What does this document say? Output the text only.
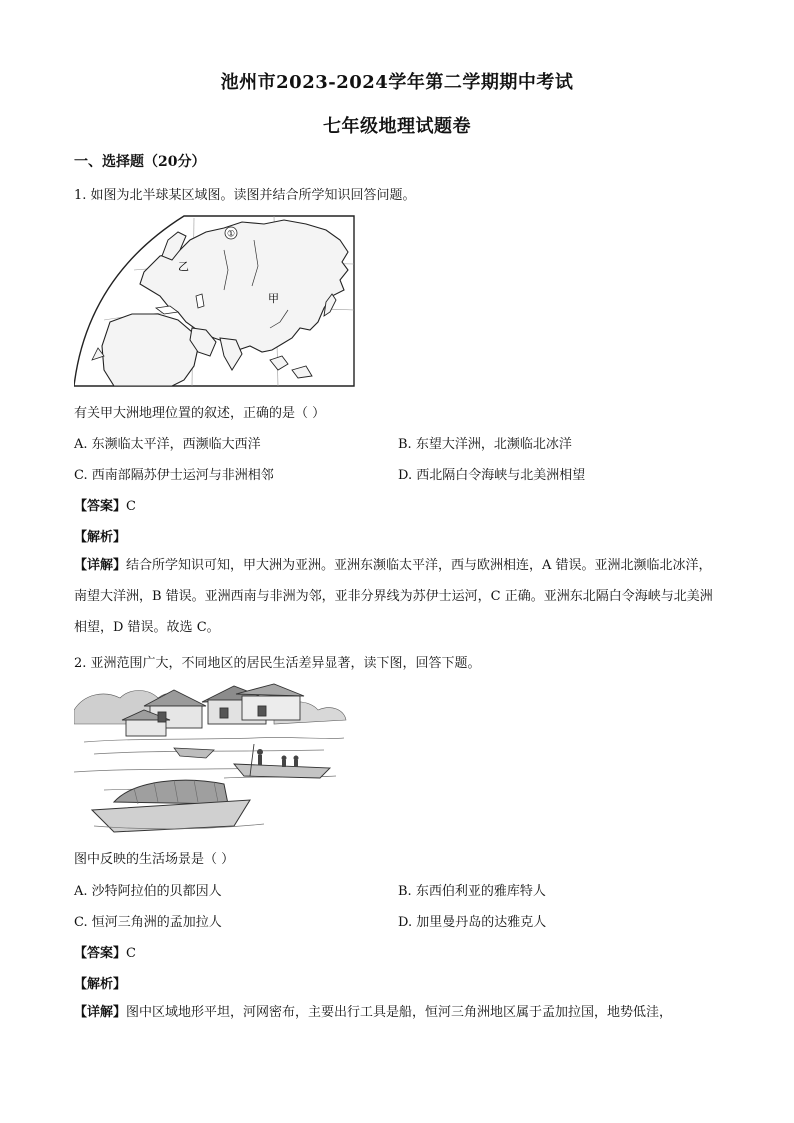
池州市2023-2024学年第二学期期中考试
七年级地理试题卷
一、选择题（20分）
1. 如图为北半球某区域图。读图并结合所学知识回答问题。
①
乙
甲
有关甲大洲地理位置的叙述，正确的是（ ）
A. 东濒临太平洋，西濒临大西洋	B. 东望大洋洲，北濒临北冰洋
C. 西南部隔苏伊士运河与非洲相邻	D. 西北隔白令海峡与北美洲相望
【答案】C
【解析】
【详解】结合所学知识可知，甲大洲为亚洲。亚洲东濒临太平洋，西与欧洲相连，A 错误。亚洲北濒临北冰洋，南望大洋洲，B 错误。亚洲西南与非洲为邻，亚非分界线为苏伊士运河，C 正确。亚洲东北隔白令海峡与北美洲相望，D 错误。故选 C。
2. 亚洲范围广大，不同地区的居民生活差异显著，读下图，回答下题。
图中反映的生活场景是（ ）
A. 沙特阿拉伯的贝都因人	B. 东西伯利亚的雅库特人
C. 恒河三角洲的孟加拉人	D. 加里曼丹岛的达雅克人
【答案】C
【解析】
【详解】图中区域地形平坦，河网密布，主要出行工具是船，恒河三角洲地区属于孟加拉国，地势低洼，
